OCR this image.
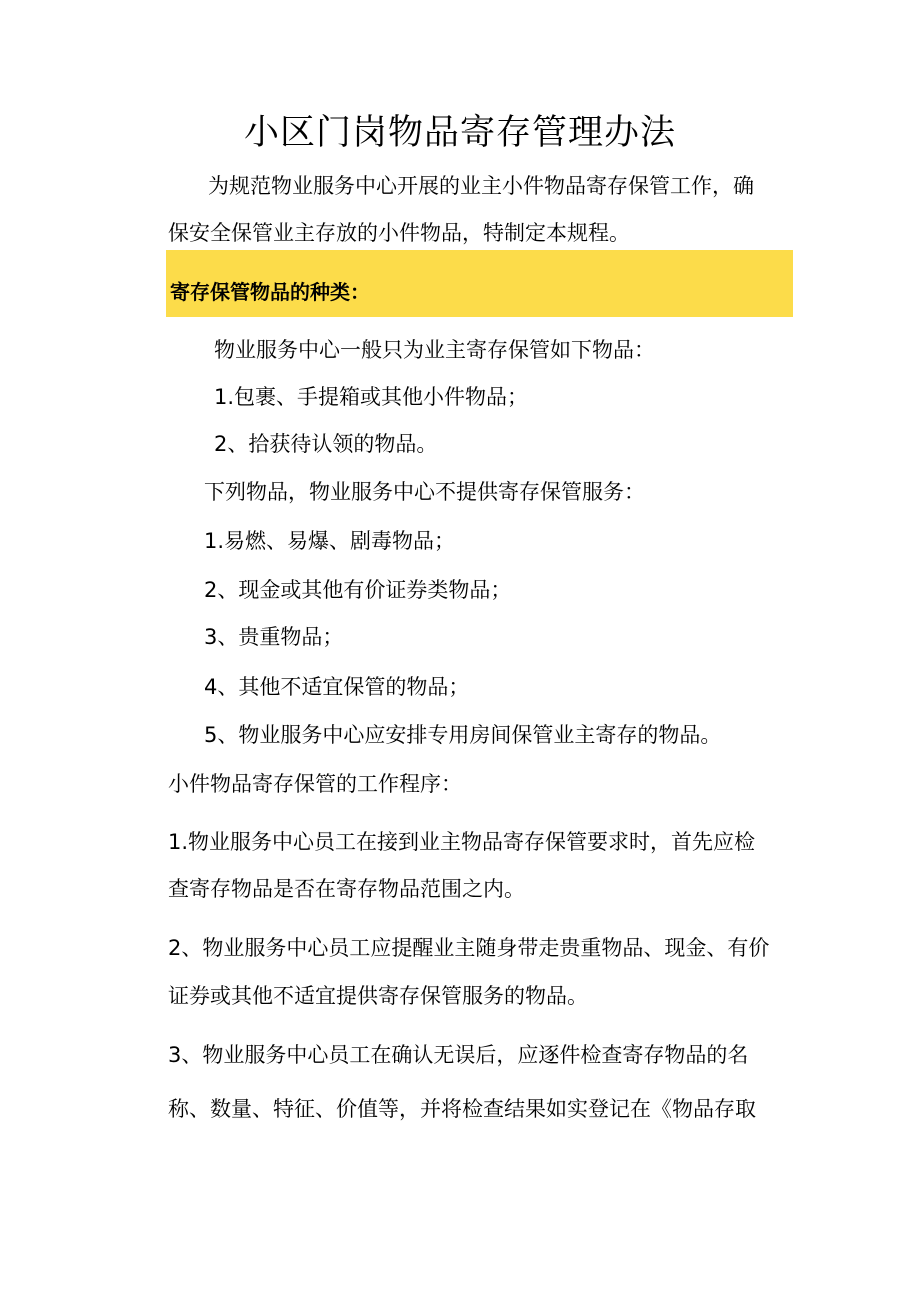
小区门岗物品寄存管理办法
为规范物业服务中心开展的业主小件物品寄存保管工作，确
保安全保管业主存放的小件物品，特制定本规程。
寄存保管物品的种类：
物业服务中心一般只为业主寄存保管如下物品：
1.包裹、手提箱或其他小件物品；
2、拾获待认领的物品。
下列物品，物业服务中心不提供寄存保管服务：
1.易燃、易爆、剧毒物品；
2、现金或其他有价证券类物品；
3、贵重物品；
4、其他不适宜保管的物品；
5、物业服务中心应安排专用房间保管业主寄存的物品。
小件物品寄存保管的工作程序：
1.物业服务中心员工在接到业主物品寄存保管要求时，首先应检
查寄存物品是否在寄存物品范围之内。
2、物业服务中心员工应提醒业主随身带走贵重物品、现金、有价
证券或其他不适宜提供寄存保管服务的物品。
3、物业服务中心员工在确认无误后，应逐件检查寄存物品的名
称、数量、特征、价值等，并将检查结果如实登记在《物品存取
